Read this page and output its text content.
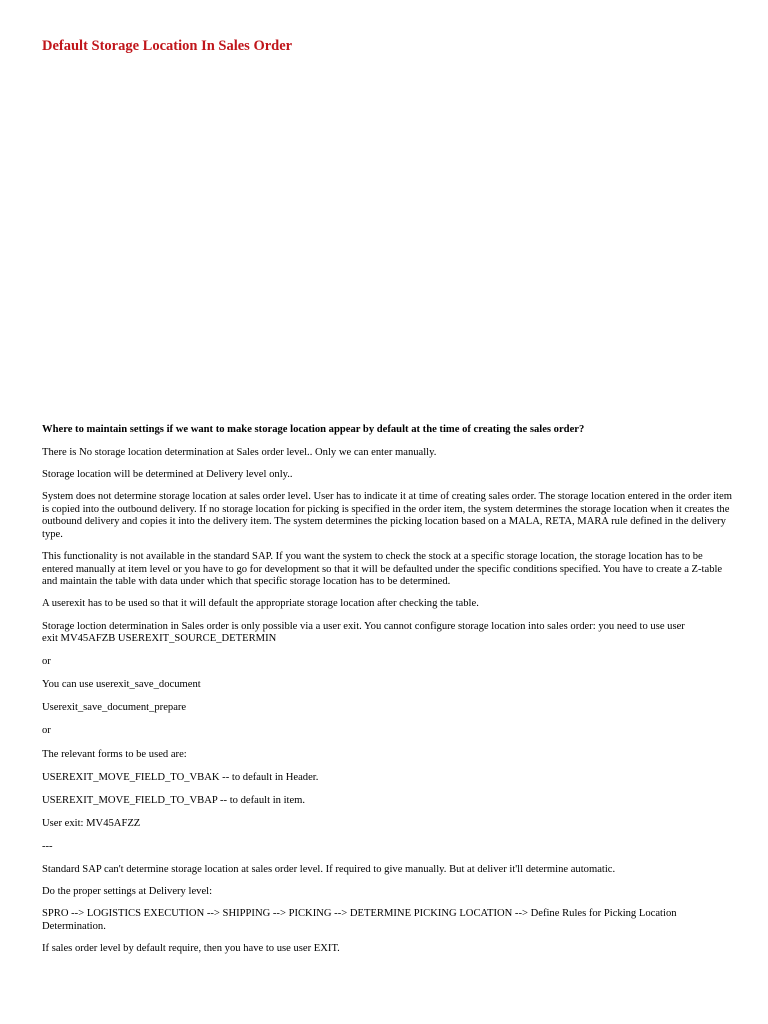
Default Storage Location In Sales Order

Where to maintain settings if we want to make storage location appear by default at the time of creating the sales order?

There is No storage location determination at Sales order level.. Only we can enter manually.

Storage location will be determined at Delivery level only..

System does not determine storage location at sales order level. User has to indicate it at time of creating sales order. The storage location entered in the order item is copied into the outbound delivery. If no storage location for picking is specified in the order item, the system determines the storage location when it creates the outbound delivery and copies it into the delivery item. The system determines the picking location based on a MALA, RETA, MARA rule defined in the delivery type.

This functionality is not available in the standard SAP. If you want the system to check the stock at a specific storage location, the storage location has to be entered manually at item level or you have to go for development so that it will be defaulted under the specific conditions specified. You have to create a Z-table and maintain the table with data under which that specific storage location has to be determined.

A userexit has to be used so that it will default the appropriate storage location after checking the table.

Storage loction determination in Sales order is only possible via a user exit. You cannot configure storage location into sales order: you need to use user
exit MV45AFZB USEREXIT_SOURCE_DETERMIN

or

You can use userexit_save_document

Userexit_save_document_prepare

or

The relevant forms to be used are:

USEREXIT_MOVE_FIELD_TO_VBAK -- to default in Header.

USEREXIT_MOVE_FIELD_TO_VBAP -- to default in item.

User exit: MV45AFZZ

---

Standard SAP can't determine storage location at sales order level. If required to give manually. But at deliver it'll determine automatic.

Do the proper settings at Delivery level:

SPRO --> LOGISTICS EXECUTION --> SHIPPING --> PICKING --> DETERMINE PICKING LOCATION --> Define Rules for Picking Location Determination.

If sales order level by default require, then you have to use user EXIT.
